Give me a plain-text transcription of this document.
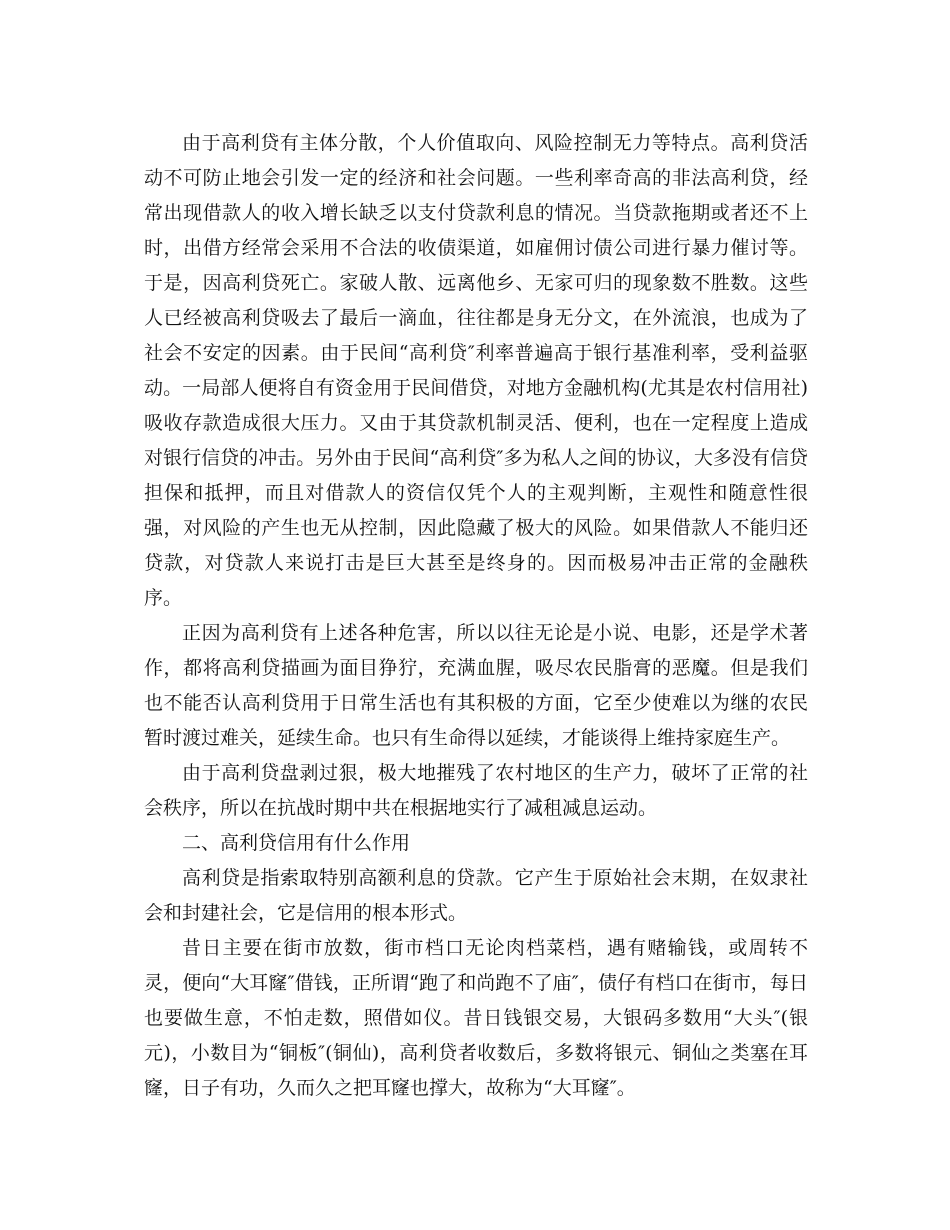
由于高利贷有主体分散，个人价值取向、风险控制无力等特点。高利贷活动不可防止地会引发一定的经济和社会问题。一些利率奇高的非法高利贷，经常出现借款人的收入增长缺乏以支付贷款利息的情况。当贷款拖期或者还不上时，出借方经常会采用不合法的收债渠道，如雇佣讨债公司进行暴力催讨等。于是，因高利贷死亡。家破人散、远离他乡、无家可归的现象数不胜数。这些人已经被高利贷吸去了最后一滴血，往往都是身无分文，在外流浪，也成为了社会不安定的因素。由于民间“高利贷″利率普遍高于银行基准利率，受利益驱动。一局部人便将自有资金用于民间借贷，对地方金融机构(尤其是农村信用社)吸收存款造成很大压力。又由于其贷款机制灵活、便利，也在一定程度上造成对银行信贷的冲击。另外由于民间“高利贷″多为私人之间的协议，大多没有信贷担保和抵押，而且对借款人的资信仅凭个人的主观判断，主观性和随意性很强，对风险的产生也无从控制，因此隐藏了极大的风险。如果借款人不能归还贷款，对贷款人来说打击是巨大甚至是终身的。因而极易冲击正常的金融秩序。

正因为高利贷有上述各种危害，所以以往无论是小说、电影，还是学术著作，都将高利贷描画为面目狰狞，充满血腥，吸尽农民脂膏的恶魔。但是我们也不能否认高利贷用于日常生活也有其积极的方面，它至少使难以为继的农民暂时渡过难关，延续生命。也只有生命得以延续，才能谈得上维持家庭生产。

由于高利贷盘剥过狠，极大地摧残了农村地区的生产力，破坏了正常的社会秩序，所以在抗战时期中共在根据地实行了减租减息运动。

二、高利贷信用有什么作用

高利贷是指索取特别高额利息的贷款。它产生于原始社会末期，在奴隶社会和封建社会，它是信用的根本形式。

昔日主要在街市放数，街市档口无论肉档菜档，遇有赌输钱，或周转不灵，便向“大耳窿″借钱，正所谓“跑了和尚跑不了庙″，债仔有档口在街市，每日也要做生意，不怕走数，照借如仪。昔日钱银交易，大银码多数用“大头″(银元)，小数目为“铜板″(铜仙)，高利贷者收数后，多数将银元、铜仙之类塞在耳窿，日子有功，久而久之把耳窿也撑大，故称为“大耳窿″。
